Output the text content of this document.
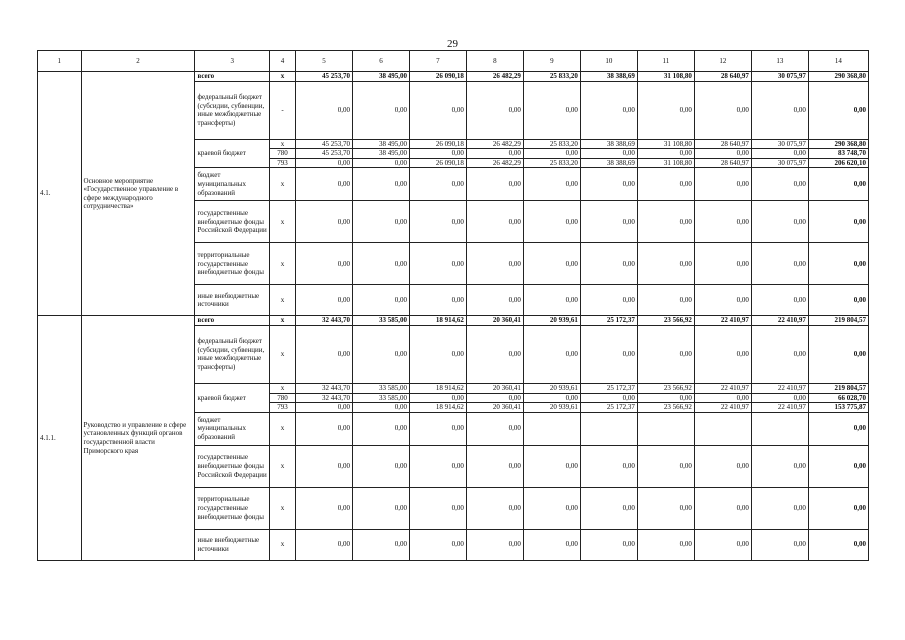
29
1	2	3	4	5	6	7	8	9	10	11	12	13	14
4.1.	Основное мероприятие «Государственное управление в сфере международного сотрудничества»	всего	x	45 253,70	38 495,00	26 090,18	26 482,29	25 833,20	38 388,69	31 108,80	28 640,97	30 075,97	290 368,80
		федеральный бюджет (субсидии, субвенции, иные межбюджетные трансферты)	-	0,00	0,00	0,00	0,00	0,00	0,00	0,00	0,00	0,00	0,00
		краевой бюджет	x	45 253,70	38 495,00	26 090,18	26 482,29	25 833,20	38 388,69	31 108,80	28 640,97	30 075,97	290 368,80
			780	45 253,70	38 495,00	0,00	0,00	0,00	0,00	0,00	0,00	0,00	83 748,70
			793	0,00	0,00	26 090,18	26 482,29	25 833,20	38 388,69	31 108,80	28 640,97	30 075,97	206 620,10
		бюджет муниципальных образований	x	0,00	0,00	0,00	0,00	0,00	0,00	0,00	0,00	0,00	0,00
		государственные внебюджетные фонды Российской Федерации	x	0,00	0,00	0,00	0,00	0,00	0,00	0,00	0,00	0,00	0,00
		территориальные государственные внебюджетные фонды	x	0,00	0,00	0,00	0,00	0,00	0,00	0,00	0,00	0,00	0,00
		иные внебюджетные источники	x	0,00	0,00	0,00	0,00	0,00	0,00	0,00	0,00	0,00	0,00
4.1.1.	Руководство и управление в сфере установленных функций органов государственной власти Приморского края	всего	x	32 443,70	33 585,00	18 914,62	20 360,41	20 939,61	25 172,37	23 566,92	22 410,97	22 410,97	219 804,57
		федеральный бюджет (субсидии, субвенции, иные межбюджетные трансферты)	x	0,00	0,00	0,00	0,00	0,00	0,00	0,00	0,00	0,00	0,00
		краевой бюджет	x	32 443,70	33 585,00	18 914,62	20 360,41	20 939,61	25 172,37	23 566,92	22 410,97	22 410,97	219 804,57
			780	32 443,70	33 585,00	0,00	0,00	0,00	0,00	0,00	0,00	0,00	66 028,70
			793	0,00	0,00	18 914,62	20 360,41	20 939,61	25 172,37	23 566,92	22 410,97	22 410,97	153 775,87
		бюджет муниципальных образований	x	0,00	0,00	0,00	0,00						0,00
		государственные внебюджетные фонды Российской Федерации	x	0,00	0,00	0,00	0,00	0,00	0,00	0,00	0,00	0,00	0,00
		территориальные государственные внебюджетные фонды	x	0,00	0,00	0,00	0,00	0,00	0,00	0,00	0,00	0,00	0,00
		иные внебюджетные источники	x	0,00	0,00	0,00	0,00	0,00	0,00	0,00	0,00	0,00	0,00
